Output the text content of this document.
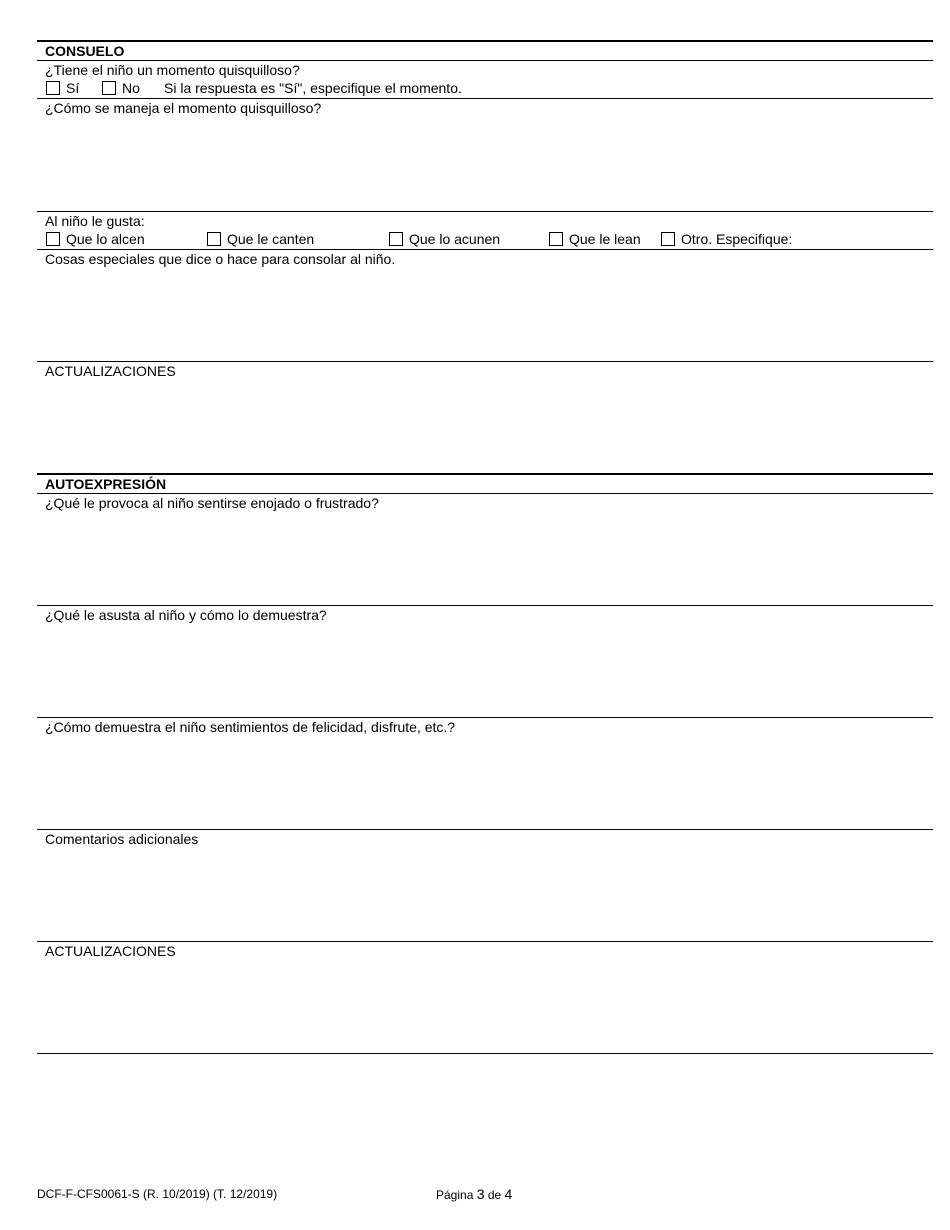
CONSUELO
¿Tiene el niño un momento quisquilloso?
Sí	No Si la respuesta es "Sí", especifique el momento.
¿Cómo se maneja el momento quisquilloso?
Al niño le gusta:
Que lo alcen	Que le canten	Que lo acunen	Que le lean	Otro. Especifique:
Cosas especiales que dice o hace para consolar al niño.
ACTUALIZACIONES
AUTOEXPRESIÓN
¿Qué le provoca al niño sentirse enojado o frustrado?
¿Qué le asusta al niño y cómo lo demuestra?
¿Cómo demuestra el niño sentimientos de felicidad, disfrute, etc.?
Comentarios adicionales
ACTUALIZACIONES
DCF-F-CFS0061-S (R. 10/2019) (T. 12/2019)	Página 3 de 4
